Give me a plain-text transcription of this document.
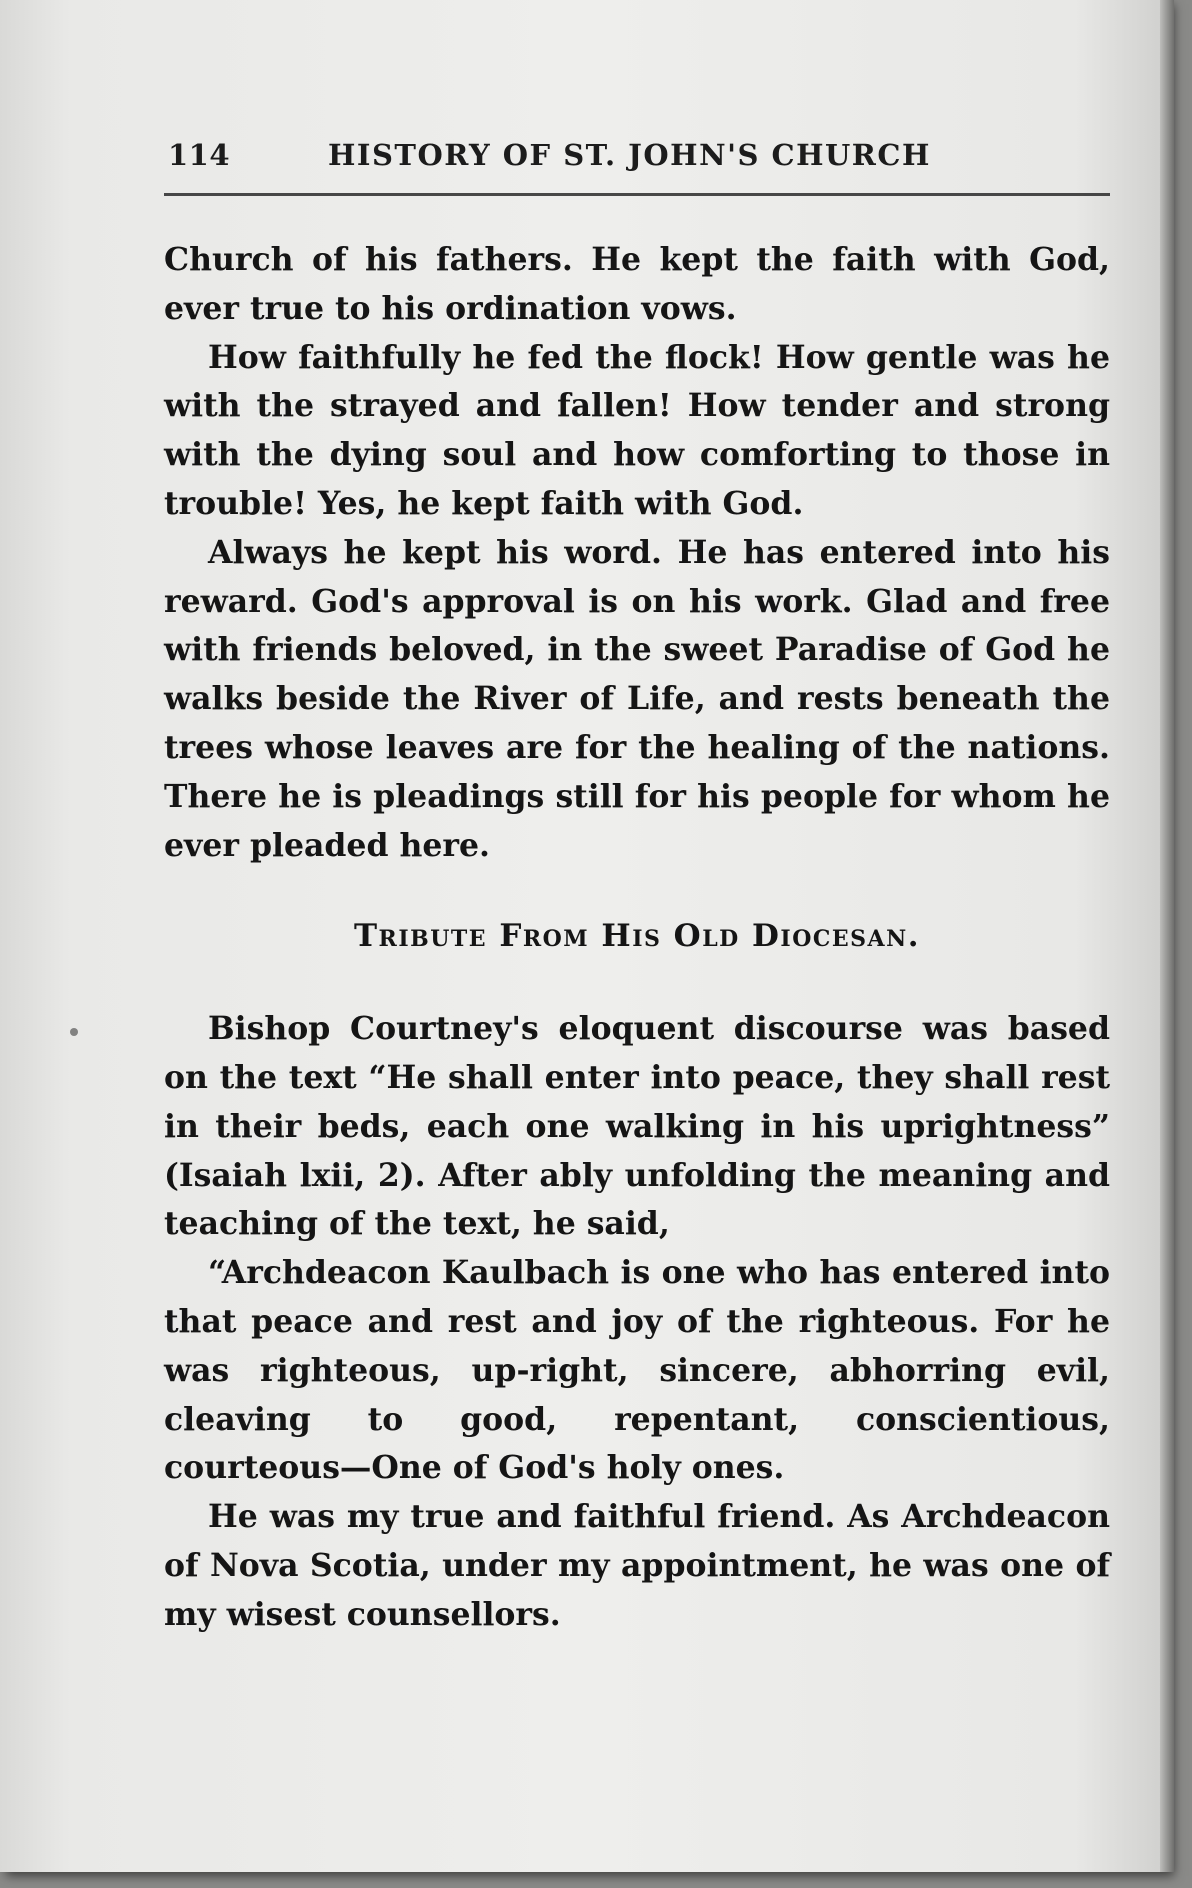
114	HISTORY OF ST. JOHN'S CHURCH

Church of his fathers. He kept the faith with God, ever true to his ordination vows.

How faithfully he fed the flock! How gentle was he with the strayed and fallen! How tender and strong with the dying soul and how comforting to those in trouble! Yes, he kept faith with God.

Always he kept his word. He has entered into his reward. God's approval is on his work. Glad and free with friends beloved, in the sweet Paradise of God he walks beside the River of Life, and rests beneath the trees whose leaves are for the healing of the nations. There he is pleadings still for his people for whom he ever pleaded here.

Tribute From His Old Diocesan.

Bishop Courtney's eloquent discourse was based on the text “He shall enter into peace, they shall rest in their beds, each one walking in his uprightness” (Isaiah lxii, 2). After ably unfolding the meaning and teaching of the text, he said,

“Archdeacon Kaulbach is one who has entered into that peace and rest and joy of the righteous. For he was righteous, up-right, sincere, abhorring evil, cleaving to good, repentant, conscientious, courteous—One of God's holy ones.

He was my true and faithful friend. As Archdeacon of Nova Scotia, under my appointment, he was one of my wisest counsellors.
